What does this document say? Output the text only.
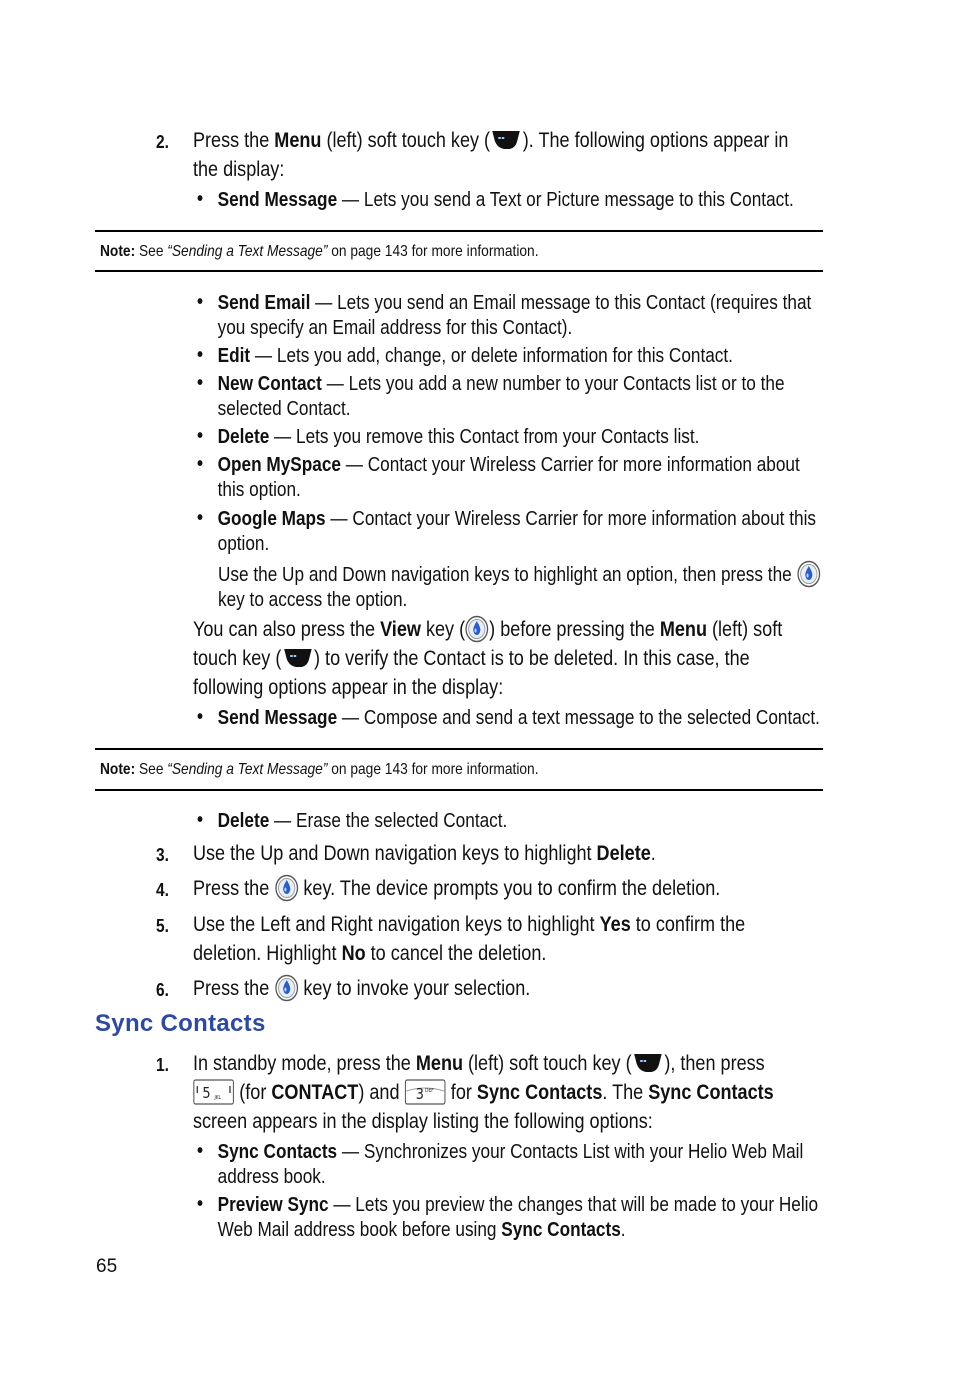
2. Press the Menu (left) soft touch key ( ). The following options appear in
the display:
• Send Message — Lets you send a Text or Picture message to this Contact.
Note: See “Sending a Text Message” on page 143 for more information.
• Send Email — Lets you send an Email message to this Contact (requires that
you specify an Email address for this Contact).
• Edit — Lets you add, change, or delete information for this Contact.
• New Contact — Lets you add a new number to your Contacts list or to the
selected Contact.
• Delete — Lets you remove this Contact from your Contacts list.
• Open MySpace — Contact your Wireless Carrier for more information about
this option.
• Google Maps — Contact your Wireless Carrier for more information about this
option.
Use the Up and Down navigation keys to highlight an option, then press the
key to access the option.
You can also press the View key ( ) before pressing the Menu (left) soft
touch key ( ) to verify the Contact is to be deleted. In this case, the
following options appear in the display:
• Send Message — Compose and send a text message to the selected Contact.
Note: See “Sending a Text Message” on page 143 for more information.
• Delete — Erase the selected Contact.
3. Use the Up and Down navigation keys to highlight Delete.
4. Press the  key. The device prompts you to confirm the deletion.
5. Use the Left and Right navigation keys to highlight Yes to confirm the
deletion. Highlight No to cancel the deletion.
6. Press the  key to invoke your selection.
Sync Contacts
1. In standby mode, press the Menu (left) soft touch key ( ), then press
5 JKL (for CONTACT) and 3 DEF for Sync Contacts. The Sync Contacts
screen appears in the display listing the following options:
• Sync Contacts — Synchronizes your Contacts List with your Helio Web Mail
address book.
• Preview Sync — Lets you preview the changes that will be made to your Helio
Web Mail address book before using Sync Contacts.
65
